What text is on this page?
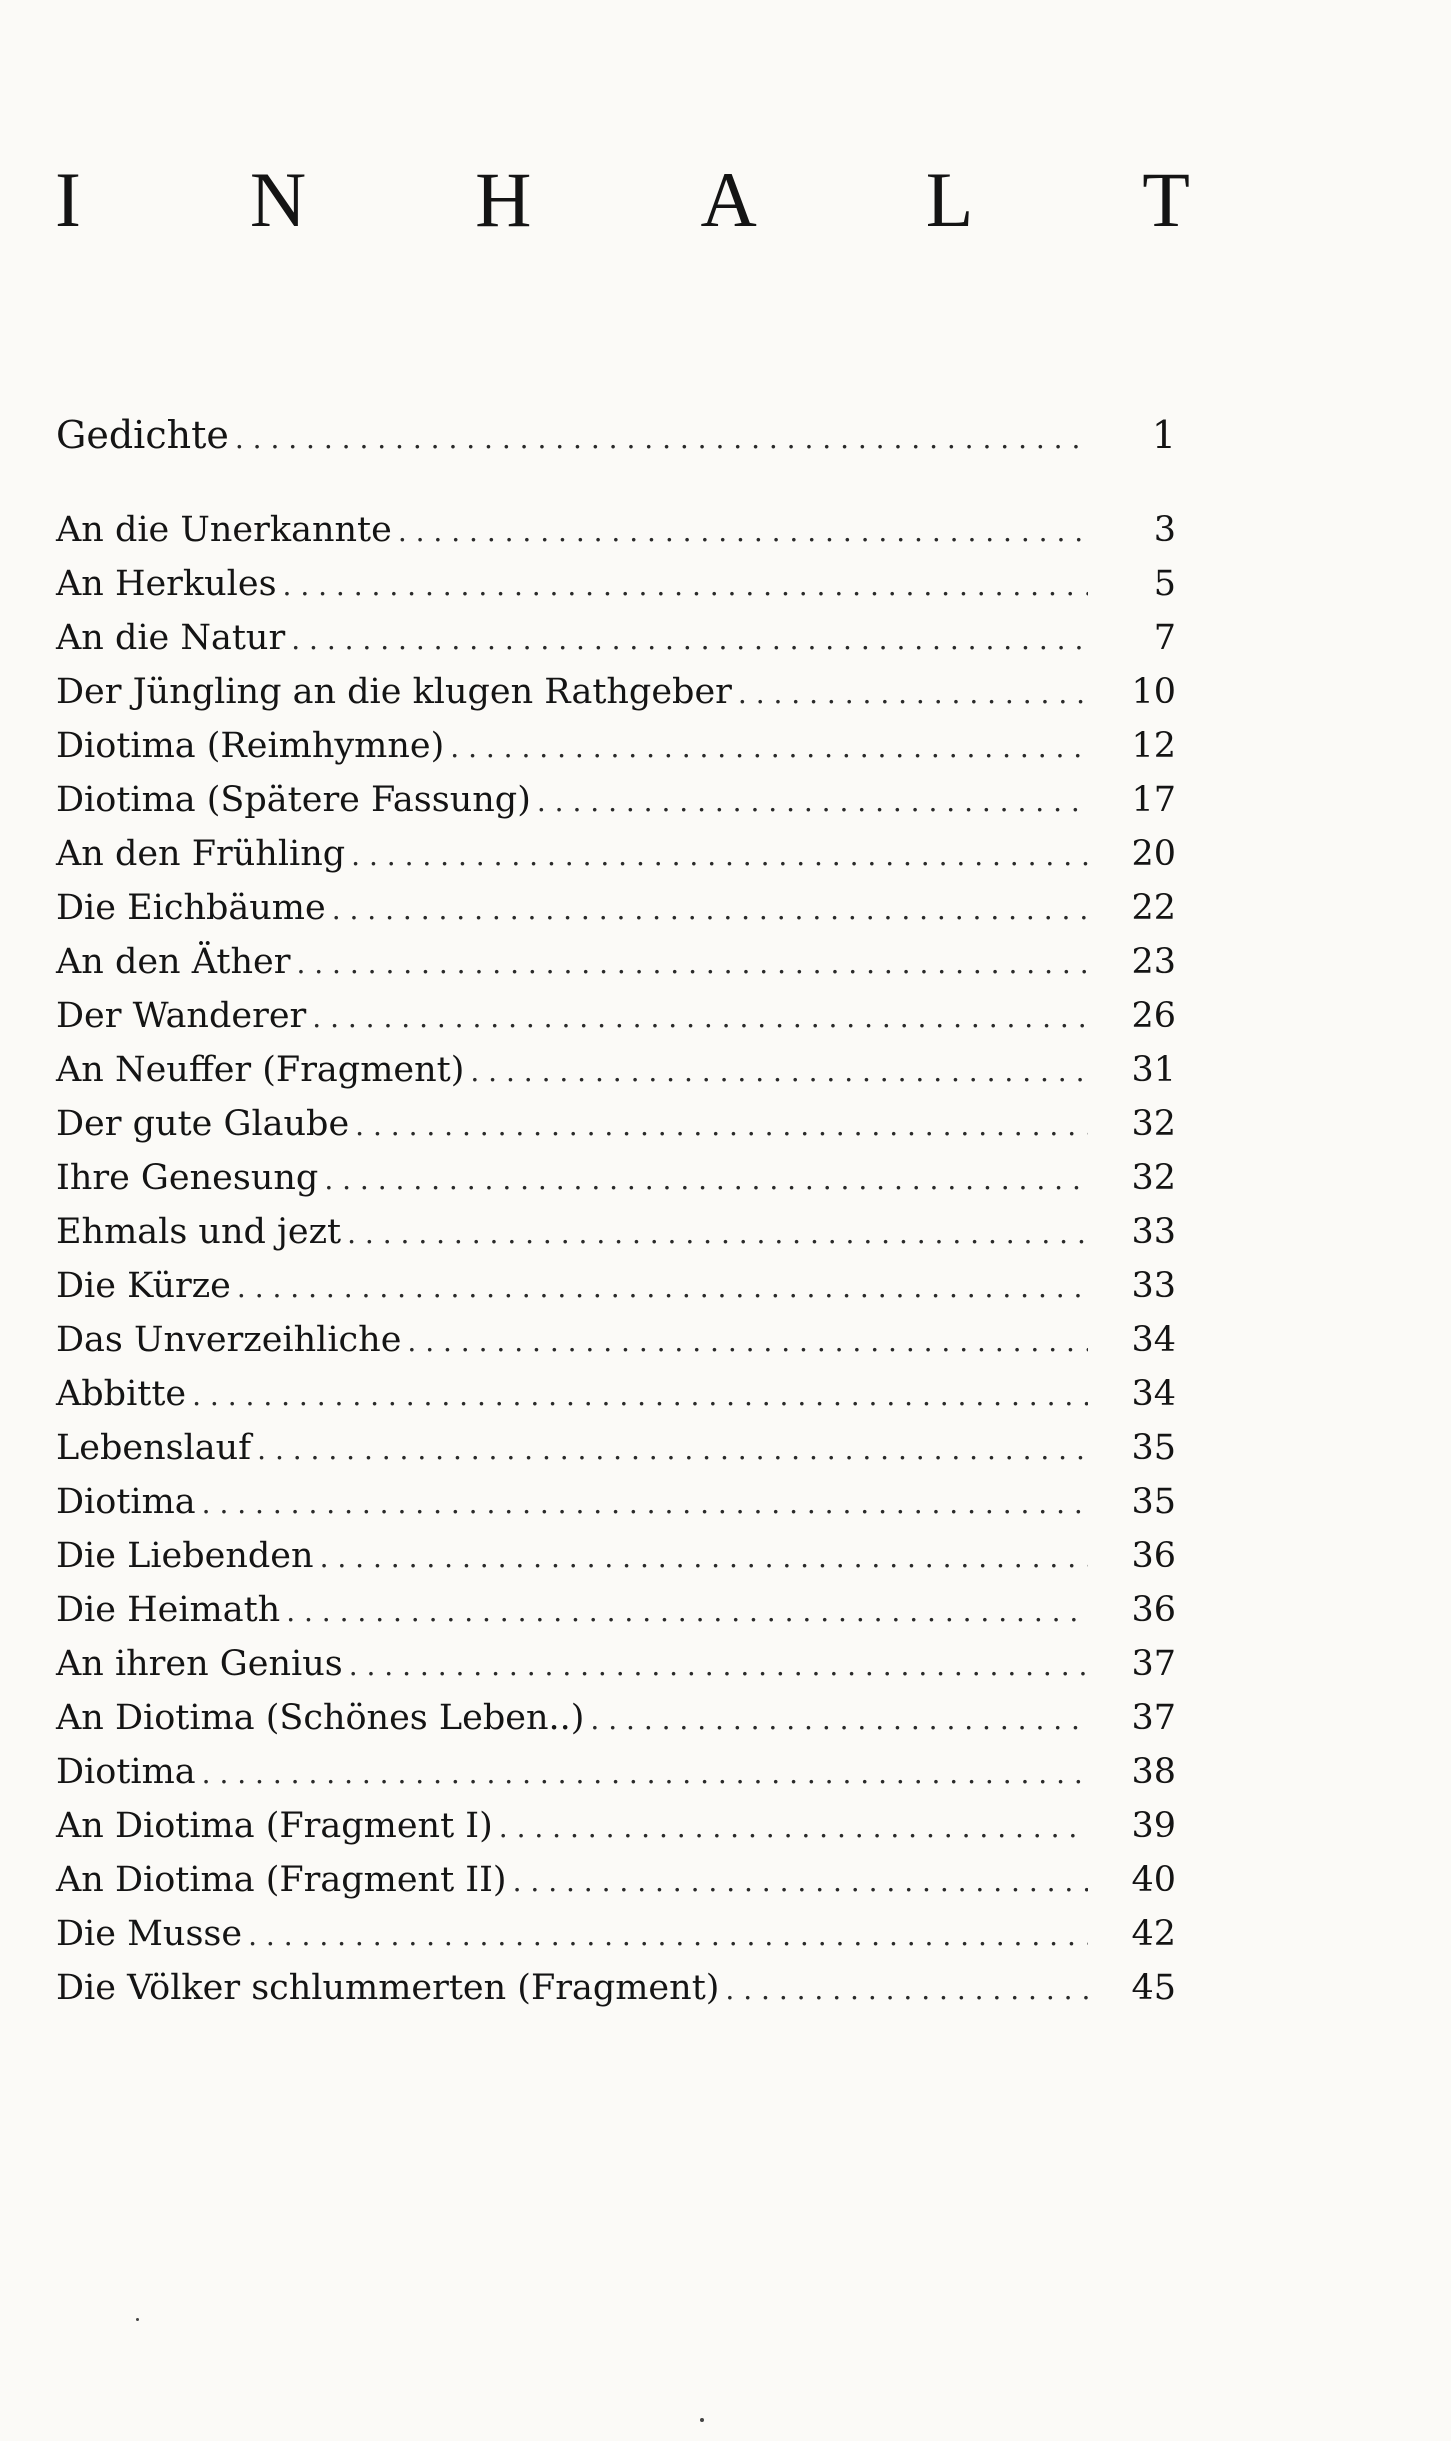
I N H A L T
Gedichte . . .	1
An die Unerkannte . . .	3
An Herkules . . .	5
An die Natur . . .	7
Der Jüngling an die klugen Rathgeber . . .	10
Diotima (Reimhymne) . . .	12
Diotima (Spätere Fassung) . . .	17
An den Frühling . . .	20
Die Eichbäume . . .	22
An den Äther . . .	23
Der Wanderer . . .	26
An Neuffer (Fragment) . . .	31
Der gute Glaube . . .	32
Ihre Genesung . . .	32
Ehmals und jezt . . .	33
Die Kürze . . .	33
Das Unverzeihliche . . .	34
Abbitte . . .	34
Lebenslauf . . .	35
Diotima . . .	35
Die Liebenden . . .	36
Die Heimath . . .	36
An ihren Genius . . .	37
An Diotima (Schönes Leben..) . . .	37
Diotima . . .	38
An Diotima (Fragment I) . . .	39
An Diotima (Fragment II) . . .	40
Die Musse . . .	42
Die Völker schlummerten (Fragment) . . .	45
